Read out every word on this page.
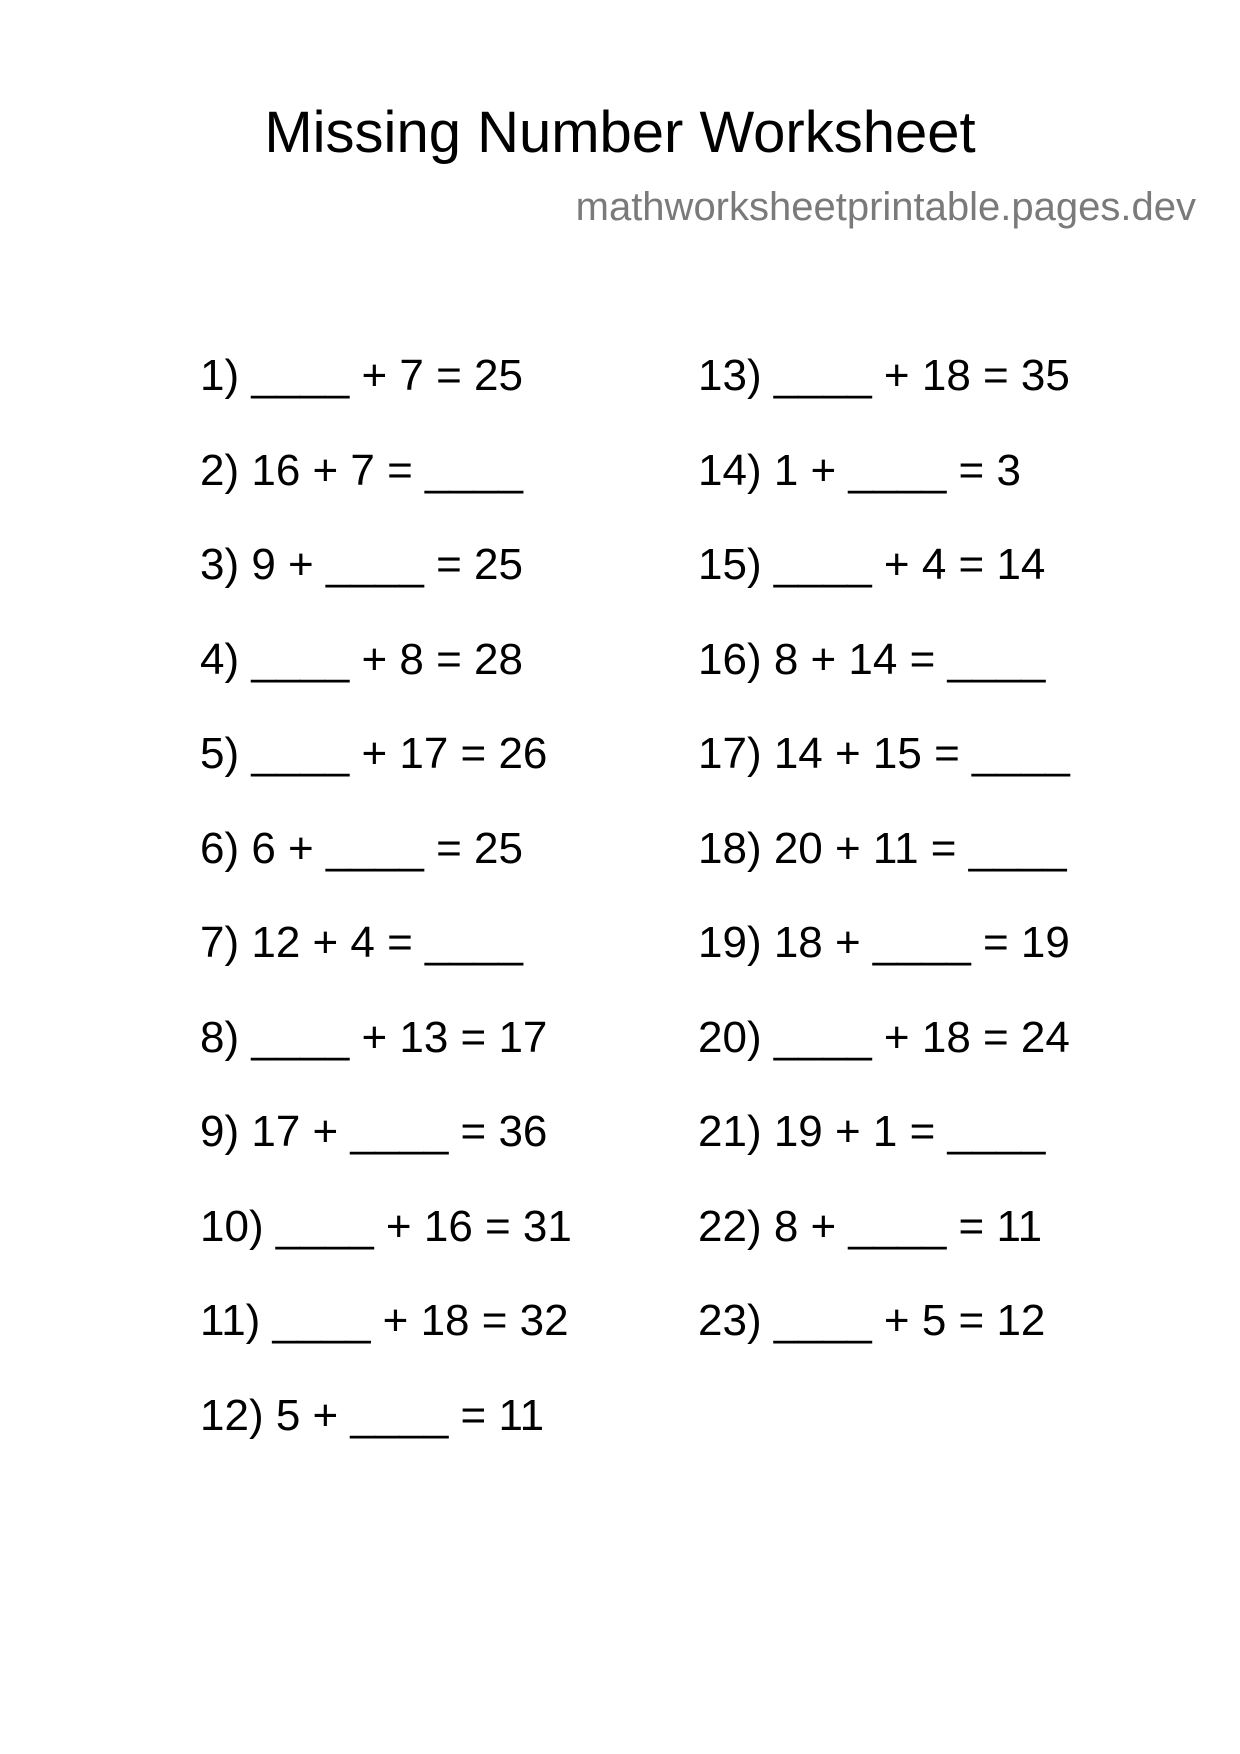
Missing Number Worksheet
mathworksheetprintable.pages.dev
1) ____ + 7 = 25
2) 16 + 7 = ____
3) 9 + ____ = 25
4) ____ + 8 = 28
5) ____ + 17 = 26
6) 6 + ____ = 25
7) 12 + 4 = ____
8) ____ + 13 = 17
9) 17 + ____ = 36
10) ____ + 16 = 31
11) ____ + 18 = 32
12) 5 + ____ = 11
13) ____ + 18 = 35
14) 1 + ____ = 3
15) ____ + 4 = 14
16) 8 + 14 = ____
17) 14 + 15 = ____
18) 20 + 11 = ____
19) 18 + ____ = 19
20) ____ + 18 = 24
21) 19 + 1 = ____
22) 8 + ____ = 11
23) ____ + 5 = 12
